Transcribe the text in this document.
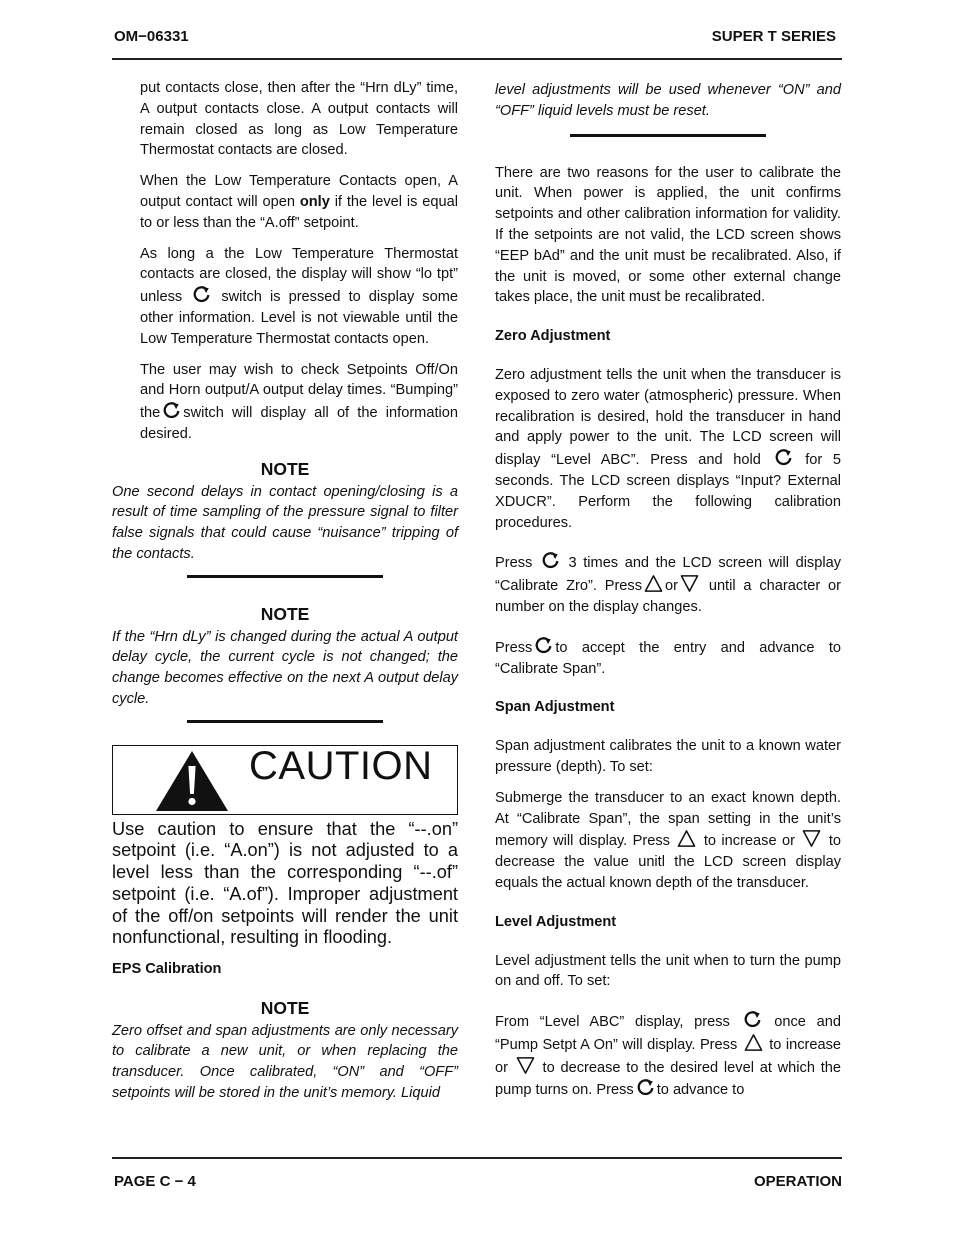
OM−06331	SUPER T SERIES

put contacts close, then after the “Hrn dLy” time, A output contacts close. A output contacts will remain closed as long as Low Temperature Thermostat contacts are closed.

When the Low Temperature Contacts open, A output contact will open only if the level is equal to or less than the “A.off” setpoint.

As long a the Low Temperature Thermostat contacts are closed, the display will show “lo tpt” unless	switch is pressed to display some other information. Level is not viewable until the Low Temperature Thermostat contacts open.

The user may wish to check Setpoints Off/On and Horn output/A output delay times. “Bumping” the switch will display all of the information desired.

NOTE

One second delays in contact opening/closing is a result of time sampling of the pressure signal to filter false signals that could cause “nuisance” tripping of the contacts.

NOTE

If the “Hrn dLy” is changed during the actual A output delay cycle, the current cycle is not changed; the change becomes effective on the next A output delay cycle.

CAUTION

Use caution to ensure that the “--.on” setpoint (i.e. “A.on”) is not adjusted to a level less than the corresponding “--.of” setpoint (i.e. “A.of”). Improper adjustment of the off/on setpoints will render the unit nonfunctional, resulting in flooding.

EPS Calibration
NOTE

Zero offset and span adjustments are only necessary to calibrate a new unit, or when replacing the transducer. Once calibrated, “ON” and “OFF” setpoints will be stored in the unit’s memory. Liquid

level adjustments will be used whenever “ON” and “OFF” liquid levels must be reset.

There are two reasons for the user to calibrate the unit. When power is applied, the unit confirms setpoints and other calibration information for validity. If the setpoints are not valid, the LCD screen shows “EEP bAd” and the unit must be recalibrated. Also, if the unit is moved, or some other external change takes place, the unit must be recalibrated.

Zero Adjustment

Zero adjustment tells the unit when the transducer is exposed to zero water (atmospheric) pressure. When recalibration is desired, hold the transducer in hand and apply power to the unit. The LCD screen will display “Level ABC”. Press and hold	for 5 seconds. The LCD screen displays “Input? External XDUCR”. Perform the following calibration procedures.

Press 3 times and the LCD screen will display “Calibrate Zro”. Press or until a character or number on the display changes.

Press to accept the entry and advance to “Calibrate Span”.

Span Adjustment

Span adjustment calibrates the unit to a known water pressure (depth). To set:

Submerge the transducer to an exact known depth. At “Calibrate Span”, the span setting in the unit’s memory will display. Press to increase or to decrease the value unitl the LCD screen display equals the actual known depth of the transducer.

Level Adjustment

Level adjustment tells the unit when to turn the pump on and off. To set:

From “Level ABC” display, press	once and “Pump Setpt A On” will display. Press to increase or to decrease to the desired level at which the pump turns on. Press to advance to

PAGE C − 4	OPERATION
